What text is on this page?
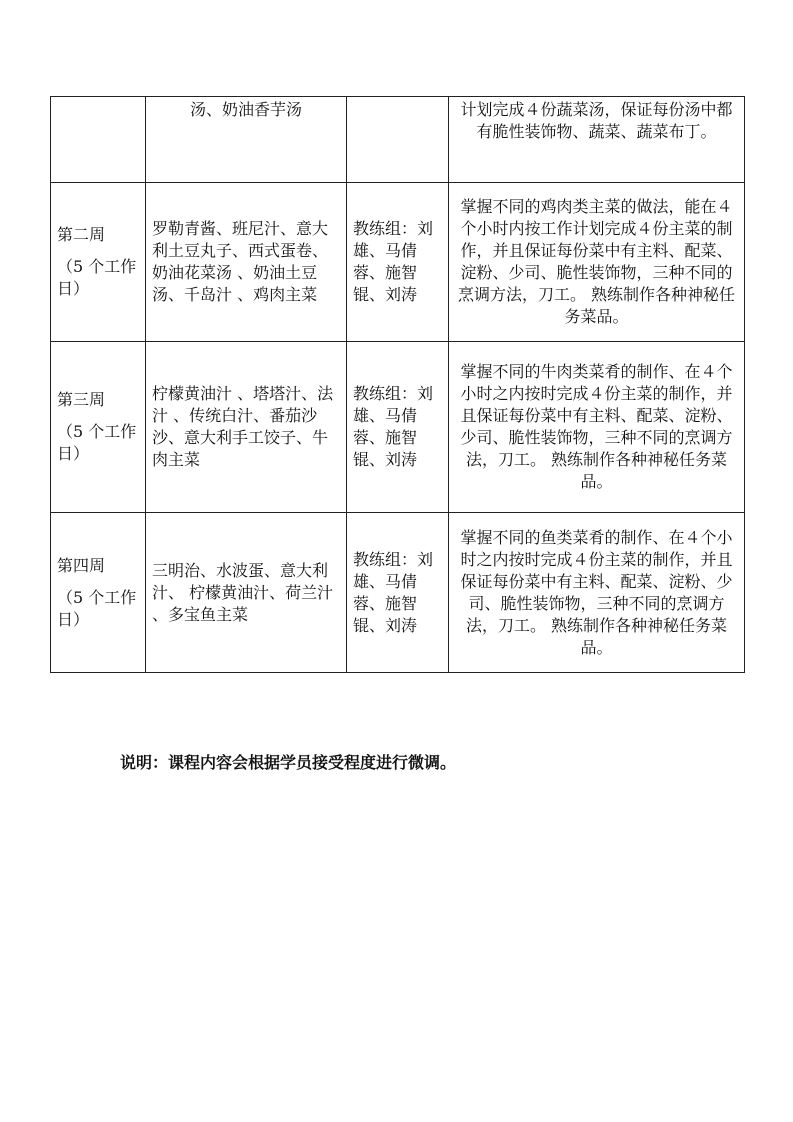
	汤、奶油香芋汤		计划完成４份蔬菜汤，保证每份汤中都有脆性装饰物、蔬菜、蔬菜布丁。

第二周
（5 个工作日）	罗勒青酱、班尼汁、意大利土豆丸子、西式蛋卷、奶油花菜汤 、奶油土豆汤、千岛汁 、鸡肉主菜	教练组：刘雄、马倩蓉、施智锟、刘涛	掌握不同的鸡肉类主菜的做法，能在４个小时内按工作计划完成４份主菜的制作，并且保证每份菜中有主料、配菜、淀粉、少司、脆性装饰物，三种不同的烹调方法，刀工。 熟练制作各种神秘任务菜品。

第三周
（5 个工作日）	柠檬黄油汁 、塔塔汁、法汁 、传统白汁、番茄沙沙、意大利手工饺子、牛肉主菜	教练组：刘雄、马倩蓉、施智锟、刘涛	掌握不同的牛肉类菜肴的制作、在４个小时之内按时完成４份主菜的制作，并且保证每份菜中有主料、配菜、淀粉、少司、脆性装饰物，三种不同的烹调方法，刀工。 熟练制作各种神秘任务菜品。

第四周
（5 个工作日）	三明治、水波蛋、意大利汁、 柠檬黄油汁、荷兰汁 、多宝鱼主菜	教练组：刘雄、马倩蓉、施智锟、刘涛	掌握不同的鱼类菜肴的制作、在４个小时之内按时完成４份主菜的制作，并且保证每份菜中有主料、配菜、淀粉、少司、脆性装饰物，三种不同的烹调方法，刀工。 熟练制作各种神秘任务菜品。
说明：课程内容会根据学员接受程度进行微调。
